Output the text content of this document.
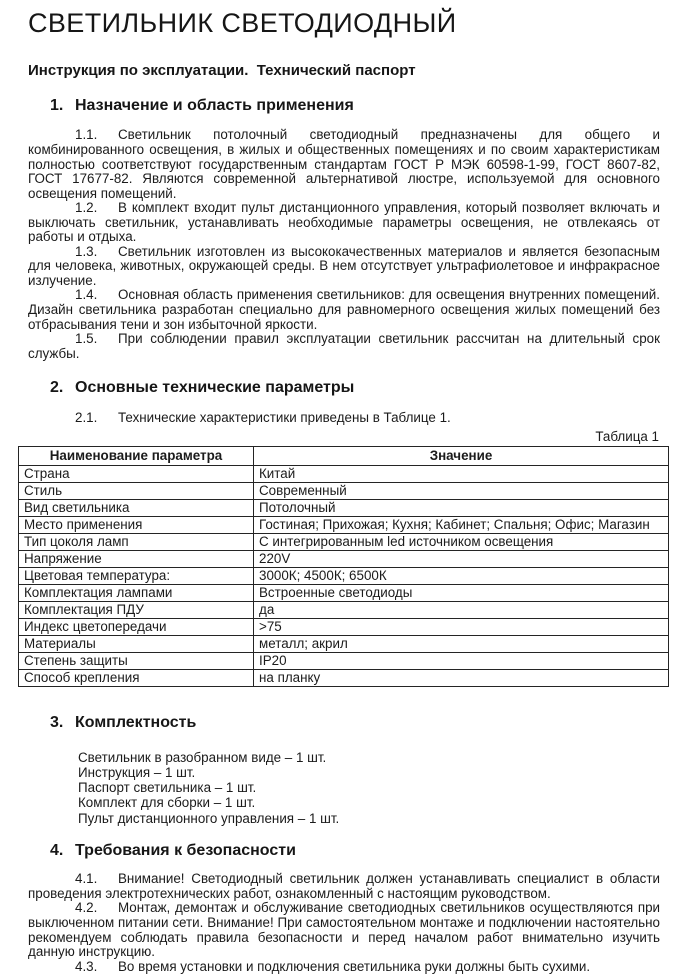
СВЕТИЛЬНИК СВЕТОДИОДНЫЙ

Инструкция по эксплуатации.  Технический паспорт

1. Назначение и область применения

1.1. Светильник потолочный светодиодный предназначены для общего и комбинированного освещения, в жилых и общественных помещениях и по своим характеристикам полностью соответствуют государственным стандартам ГОСТ Р МЭК 60598-1-99, ГОСТ 8607-82, ГОСТ 17677-82. Являются современной альтернативой люстре, используемой для основного освещения помещений.

1.2. В комплект входит пульт дистанционного управления, который позволяет включать и выключать светильник, устанавливать необходимые параметры освещения, не отвлекаясь от работы и отдыха.

1.3. Светильник изготовлен из высококачественных материалов и является безопасным для человека, животных, окружающей среды. В нем отсутствует ультрафиолетовое и инфракрасное излучение.

1.4. Основная область применения светильников: для освещения внутренних помещений. Дизайн светильника разработан специально для равномерного освещения жилых помещений без отбрасывания тени и зон избыточной яркости.

1.5. При соблюдении правил эксплуатации светильник рассчитан на длительный срок службы.

2. Основные технические параметры

2.1. Технические характеристики приведены в Таблице 1.

Таблица 1
Наименование параметра	Значение
Страна	Китай
Стиль	Современный
Вид светильника	Потолочный
Место применения	Гостиная; Прихожая; Кухня; Кабинет; Спальня; Офис; Магазин
Тип цоколя ламп	С интегрированным led источником освещения
Напряжение	220V
Цветовая температура:	3000К; 4500К; 6500К
Комплектация лампами	Встроенные светодиоды
Комплектация ПДУ	да
Индекс цветопередачи	>75
Материалы	металл; акрил
Степень защиты	IP20
Способ крепления	на планку
3. Комплектность
Светильник в разобранном виде – 1 шт.
Инструкция – 1 шт.
Паспорт светильника – 1 шт.
Комплект для сборки – 1 шт.
Пульт дистанционного управления – 1 шт.
4. Требования к безопасности

4.1. Внимание! Светодиодный светильник должен устанавливать специалист в области проведения электротехнических работ, ознакомленный с настоящим руководством.

4.2. Монтаж, демонтаж и обслуживание светодиодных светильников осуществляются при выключенном питании сети. Внимание! При самостоятельном монтаже и подключении настоятельно рекомендуем соблюдать правила безопасности и перед началом работ внимательно изучить данную инструкцию.

4.3. Во время установки и подключения светильника руки должны быть сухими.
